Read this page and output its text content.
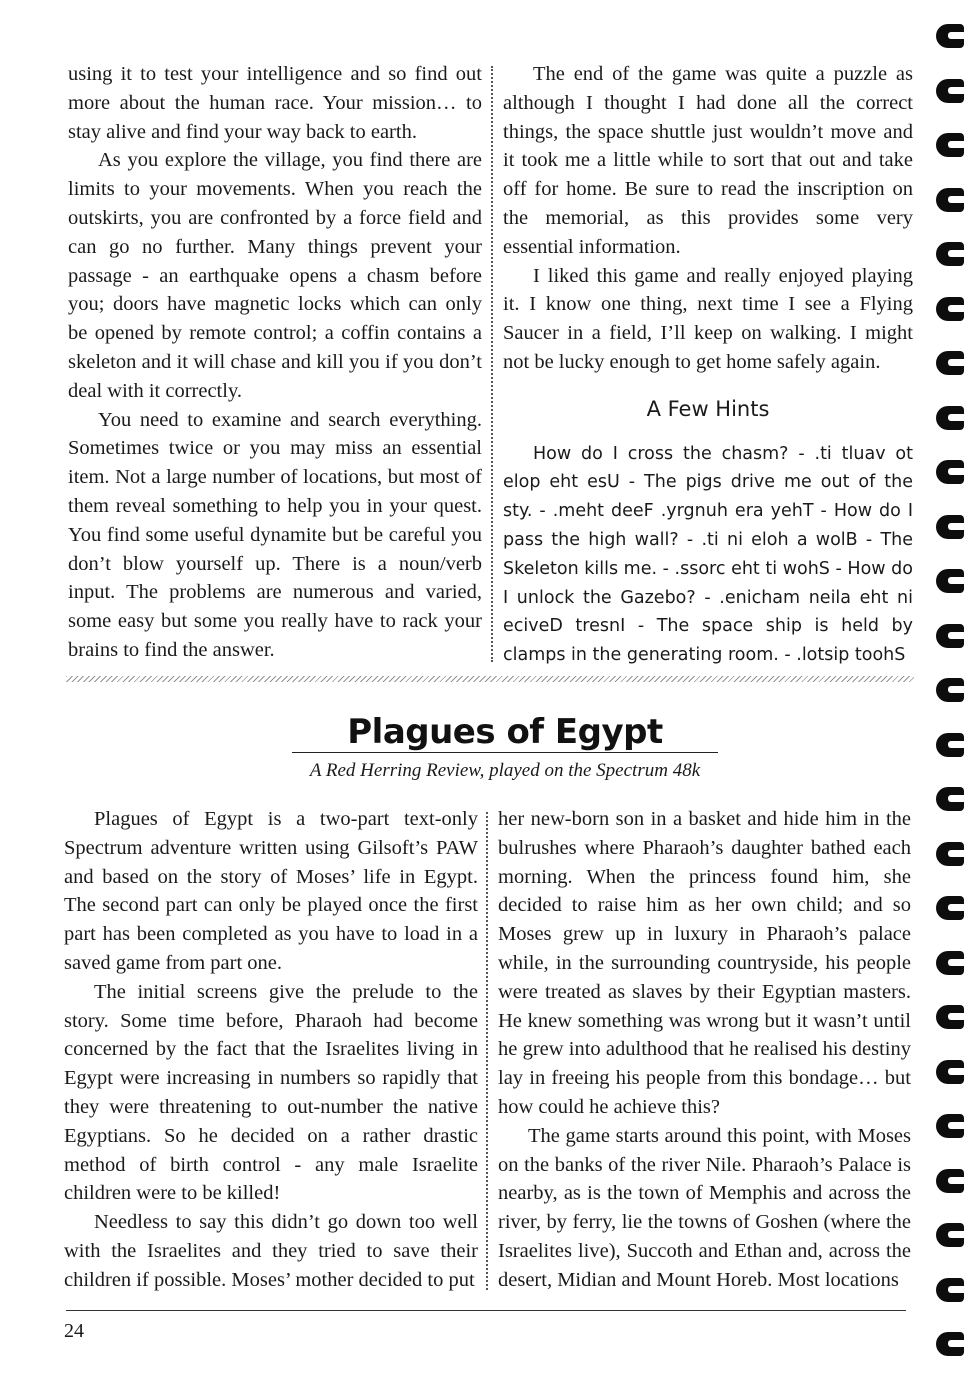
using it to test your intelligence and so find out more about the human race. Your mission… to stay alive and find your way back to earth.

As you explore the village, you find there are limits to your movements. When you reach the outskirts, you are confronted by a force field and can go no further. Many things prevent your passage - an earthquake opens a chasm before you; doors have magnetic locks which can only be opened by remote control; a coffin contains a skeleton and it will chase and kill you if you don’t deal with it correctly.

You need to examine and search everything. Sometimes twice or you may miss an essential item. Not a large number of locations, but most of them reveal something to help you in your quest. You find some useful dynamite but be careful you don’t blow yourself up. There is a noun/verb input. The problems are numerous and varied, some easy but some you really have to rack your brains to find the answer.

The end of the game was quite a puzzle as although I thought I had done all the correct things, the space shuttle just wouldn’t move and it took me a little while to sort that out and take off for home. Be sure to read the inscription on the memorial, as this provides some very essential information.

I liked this game and really enjoyed playing it. I know one thing, next time I see a Flying Saucer in a field, I’ll keep on walking. I might not be lucky enough to get home safely again.

A Few Hints

How do I cross the chasm? - .ti tluav ot elop eht esU - The pigs drive me out of the sty. - .meht deeF .yrgnuh era yehT - How do I pass the high wall? - .ti ni eloh a wolB - The Skeleton kills me. - .ssorc eht ti wohS - How do I unlock the Gazebo? - .enicham neila eht ni eciveD tresnI - The space ship is held by clamps in the generating room. - .lotsip toohS

Plagues of Egypt
A Red Herring Review, played on the Spectrum 48k

Plagues of Egypt is a two-part text-only Spectrum adventure written using Gilsoft’s PAW and based on the story of Moses’ life in Egypt. The second part can only be played once the first part has been completed as you have to load in a saved game from part one.

The initial screens give the prelude to the story. Some time before, Pharaoh had become concerned by the fact that the Israelites living in Egypt were increasing in numbers so rapidly that they were threatening to out-number the native Egyptians. So he decided on a rather drastic method of birth control - any male Israelite children were to be killed!

Needless to say this didn’t go down too well with the Israelites and they tried to save their children if possible. Moses’ mother decided to put

her new-born son in a basket and hide him in the bulrushes where Pharaoh’s daughter bathed each morning. When the princess found him, she decided to raise him as her own child; and so Moses grew up in luxury in Pharaoh’s palace while, in the surrounding countryside, his people were treated as slaves by their Egyptian masters. He knew something was wrong but it wasn’t until he grew into adulthood that he realised his destiny lay in freeing his people from this bondage… but how could he achieve this?

The game starts around this point, with Moses on the banks of the river Nile. Pharaoh’s Palace is nearby, as is the town of Memphis and across the river, by ferry, lie the towns of Goshen (where the Israelites live), Succoth and Ethan and, across the desert, Midian and Mount Horeb. Most locations

24
